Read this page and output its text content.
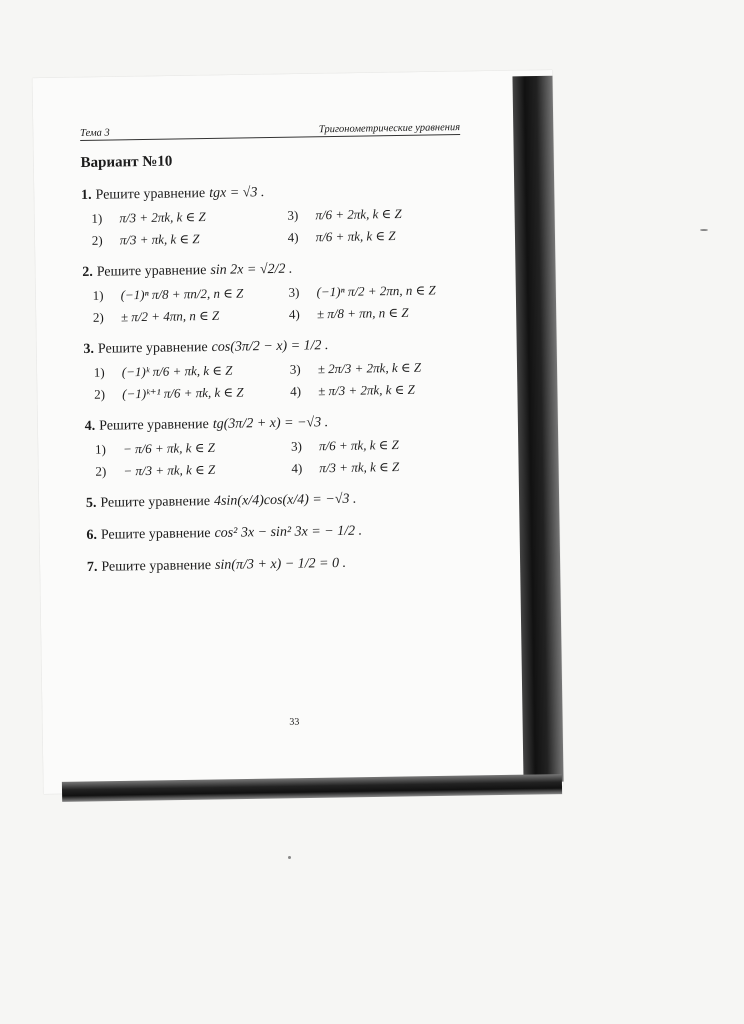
Тема 3	Тригонометрические уравнения
Вариант №10
1. Решите уравнение tgx = √3 .
1)	π/3 + 2πk, k ∈ Z	3)	π/6 + 2πk, k ∈ Z
2)	π/3 + πk, k ∈ Z	4)	π/6 + πk, k ∈ Z
2. Решите уравнение sin 2x = √2/2 .
1)	(−1)ⁿ π/8 + πn/2, n ∈ Z	3)	(−1)ⁿ π/2 + 2πn, n ∈ Z
2)	± π/2 + 4πn, n ∈ Z	4)	± π/8 + πn, n ∈ Z
3. Решите уравнение cos(3π/2 − x) = 1/2 .
1)	(−1)ᵏ π/6 + πk, k ∈ Z	3)	± 2π/3 + 2πk, k ∈ Z
2)	(−1)ᵏ⁺¹ π/6 + πk, k ∈ Z	4)	± π/3 + 2πk, k ∈ Z
4. Решите уравнение tg(3π/2 + x) = −√3 .
1)	− π/6 + πk, k ∈ Z	3)	π/6 + πk, k ∈ Z
2)	− π/3 + πk, k ∈ Z	4)	π/3 + πk, k ∈ Z
5. Решите уравнение 4sin(x/4)cos(x/4) = −√3 .
6. Решите уравнение cos² 3x − sin² 3x = − 1/2 .
7. Решите уравнение sin(π/3 + x) − 1/2 = 0 .
33
